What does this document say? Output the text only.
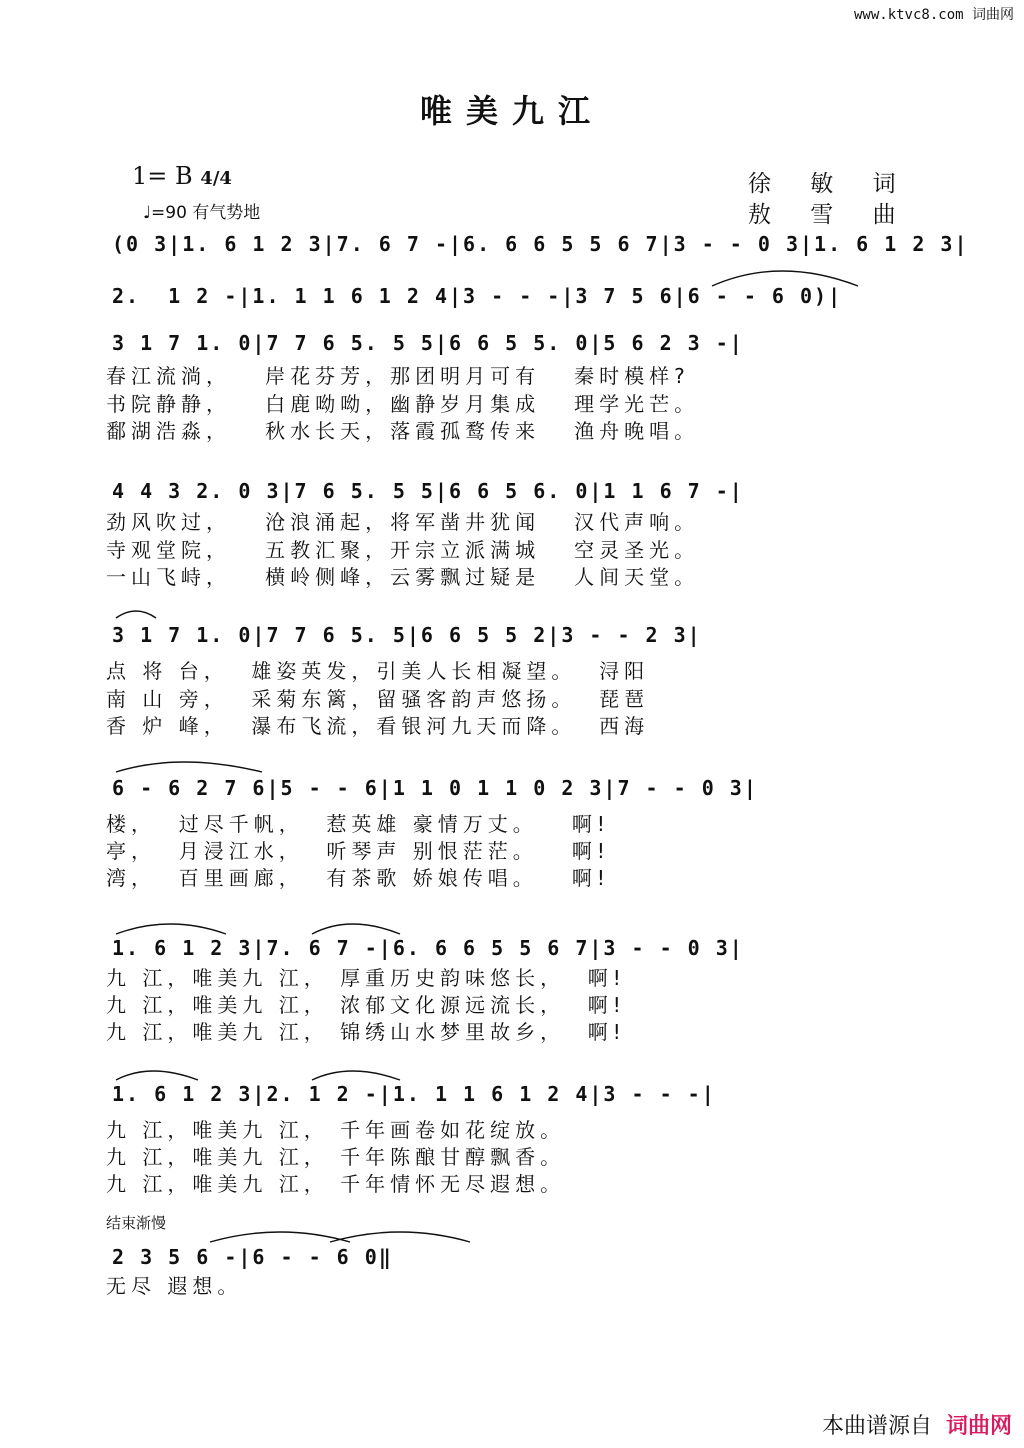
www.ktvc8.com 词曲网
唯美九江
1= B 4/4
♩=90 有气势地
徐 敏 词
敖 雪 曲
(0 3|1. 6 1 2 3|7. 6 7 -|6. 6 6 5 5 6 7|3 - - 0 3|1. 6 1 2 3|
2.  1 2 -|1. 1 1 6 1 2 4|3 - - -|3 7 5 6|6 - - 6 0)|
3 1 7 1. 0|7 7 6 5. 5 5|6 6 5 5. 0|5 6 2 3 -|
春江流淌，   岸花芬芳，那团明月可有   秦时模样?
书院静静，   白鹿呦呦，幽静岁月集成   理学光芒。
鄱湖浩淼，   秋水长天，落霞孤鹜传来   渔舟晚唱。
4 4 3 2. 0 3|7 6 5. 5 5|6 6 5 6. 0|1 1 6 7 -|
劲风吹过，   沧浪涌起，将军凿井犹闻   汉代声响。
寺观堂院，   五教汇聚，开宗立派满城   空灵圣光。
一山飞峙，   横岭侧峰，云雾飘过疑是   人间天堂。
3 1 7 1. 0|7 7 6 5. 5|6 6 5 5 2|3 - - 2 3|
点 将 台，  雄姿英发，引美人长相凝望。  浔阳
南 山 旁，  采菊东篱，留骚客韵声悠扬。  琵琶
香 炉 峰，  瀑布飞流，看银河九天而降。  西海
6 - 6 2 7 6|5 - - 6|1 1 0 1 1 0 2 3|7 - - 0 3|
楼，  过尽千帆，  惹英雄 豪情万丈。   啊!
亭，  月浸江水，  听琴声 别恨茫茫。   啊!
湾，  百里画廊，  有茶歌 娇娘传唱。   啊!
1. 6 1 2 3|7. 6 7 -|6. 6 6 5 5 6 7|3 - - 0 3|
九 江，唯美九 江， 厚重历史韵味悠长，  啊!
九 江，唯美九 江， 浓郁文化源远流长，  啊!
九 江，唯美九 江， 锦绣山水梦里故乡，  啊!
1. 6 1 2 3|2. 1 2 -|1. 1 1 6 1 2 4|3 - - -|
九 江，唯美九 江， 千年画卷如花绽放。
九 江，唯美九 江， 千年陈酿甘醇飘香。
九 江，唯美九 江， 千年情怀无尽遐想。
结束渐慢
2 3 5 6 -|6 - - 6 0‖
无尽 遐想。
本曲谱源自 词曲网
